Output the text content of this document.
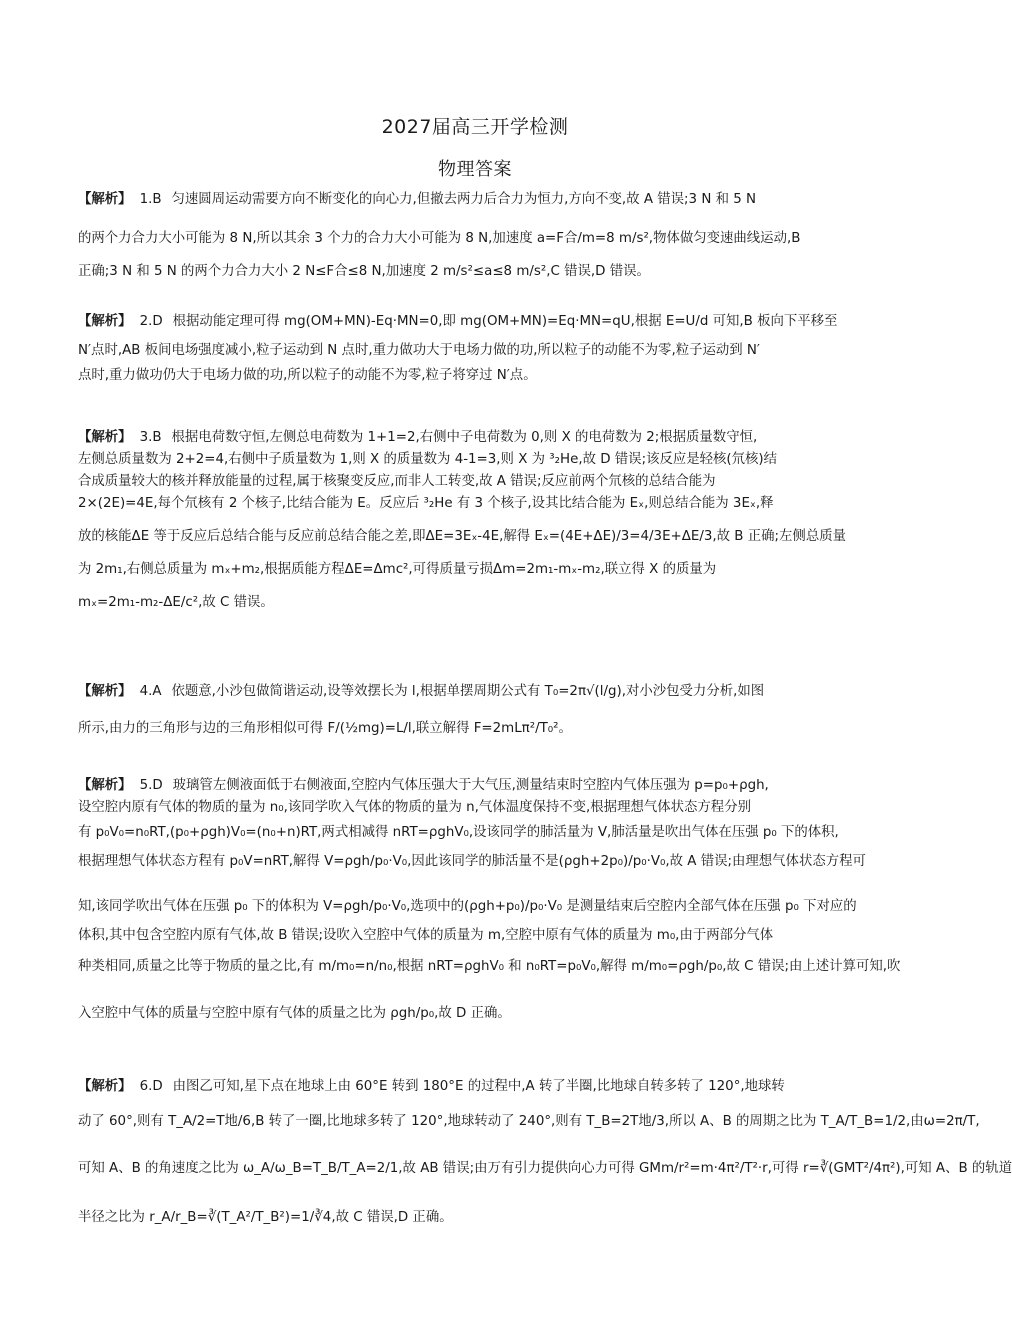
2027届高三开学检测
物理答案
【解析】 1.B 匀速圆周运动需要方向不断变化的向心力,但撤去两力后合力为恒力,方向不变,故 A 错误;3 N 和 5 N
的两个力合力大小可能为 8 N,所以其余 3 个力的合力大小可能为 8 N,加速度 a=F合/m=8 m/s²,物体做匀变速曲线运动,B
正确;3 N 和 5 N 的两个力合力大小 2 N≤F合≤8 N,加速度 2 m/s²≤a≤8 m/s²,C 错误,D 错误。
【解析】 2.D 根据动能定理可得 mg(OM+MN)-Eq·MN=0,即 mg(OM+MN)=Eq·MN=qU,根据 E=U/d 可知,B 板向下平移至
N′点时,AB 板间电场强度减小,粒子运动到 N 点时,重力做功大于电场力做的功,所以粒子的动能不为零,粒子运动到 N′
点时,重力做功仍大于电场力做的功,所以粒子的动能不为零,粒子将穿过 N′点。
【解析】 3.B 根据电荷数守恒,左侧总电荷数为 1+1=2,右侧中子电荷数为 0,则 X 的电荷数为 2;根据质量数守恒,
左侧总质量数为 2+2=4,右侧中子质量数为 1,则 X 的质量数为 4-1=3,则 X 为 ³₂He,故 D 错误;该反应是轻核(氘核)结
合成质量较大的核并释放能量的过程,属于核聚变反应,而非人工转变,故 A 错误;反应前两个氘核的总结合能为
2×(2E)=4E,每个氘核有 2 个核子,比结合能为 E。反应后 ³₂He 有 3 个核子,设其比结合能为 Eₓ,则总结合能为 3Eₓ,释
放的核能ΔE 等于反应后总结合能与反应前总结合能之差,即ΔE=3Eₓ-4E,解得 Eₓ=(4E+ΔE)/3=4/3E+ΔE/3,故 B 正确;左侧总质量
为 2m₁,右侧总质量为 mₓ+m₂,根据质能方程ΔE=Δmc²,可得质量亏损Δm=2m₁-mₓ-m₂,联立得 X 的质量为
mₓ=2m₁-m₂-ΔE/c²,故 C 错误。
【解析】 4.A 依题意,小沙包做简谐运动,设等效摆长为 l,根据单摆周期公式有 T₀=2π√(l/g),对小沙包受力分析,如图
所示,由力的三角形与边的三角形相似可得 F/(½mg)=L/l,联立解得 F=2mLπ²/T₀²。
【解析】 5.D 玻璃管左侧液面低于右侧液面,空腔内气体压强大于大气压,测量结束时空腔内气体压强为 p=p₀+ρgh,
设空腔内原有气体的物质的量为 n₀,该同学吹入气体的物质的量为 n,气体温度保持不变,根据理想气体状态方程分别
有 p₀V₀=n₀RT,(p₀+ρgh)V₀=(n₀+n)RT,两式相减得 nRT=ρghV₀,设该同学的肺活量为 V,肺活量是吹出气体在压强 p₀ 下的体积,
根据理想气体状态方程有 p₀V=nRT,解得 V=ρgh/p₀·V₀,因此该同学的肺活量不是(ρgh+2p₀)/p₀·V₀,故 A 错误;由理想气体状态方程可
知,该同学吹出气体在压强 p₀ 下的体积为 V=ρgh/p₀·V₀,选项中的(ρgh+p₀)/p₀·V₀ 是测量结束后空腔内全部气体在压强 p₀ 下对应的
体积,其中包含空腔内原有气体,故 B 错误;设吹入空腔中气体的质量为 m,空腔中原有气体的质量为 m₀,由于两部分气体
种类相同,质量之比等于物质的量之比,有 m/m₀=n/n₀,根据 nRT=ρghV₀ 和 n₀RT=p₀V₀,解得 m/m₀=ρgh/p₀,故 C 错误;由上述计算可知,吹
入空腔中气体的质量与空腔中原有气体的质量之比为 ρgh/p₀,故 D 正确。
【解析】 6.D 由图乙可知,星下点在地球上由 60°E 转到 180°E 的过程中,A 转了半圈,比地球自转多转了 120°,地球转
动了 60°,则有 T_A/2=T地/6,B 转了一圈,比地球多转了 120°,地球转动了 240°,则有 T_B=2T地/3,所以 A、B 的周期之比为 T_A/T_B=1/2,由ω=2π/T,
可知 A、B 的角速度之比为 ω_A/ω_B=T_B/T_A=2/1,故 AB 错误;由万有引力提供向心力可得 GMm/r²=m·4π²/T²·r,可得 r=∛(GMT²/4π²),可知 A、B 的轨道
半径之比为 r_A/r_B=∛(T_A²/T_B²)=1/∛4,故 C 错误,D 正确。
